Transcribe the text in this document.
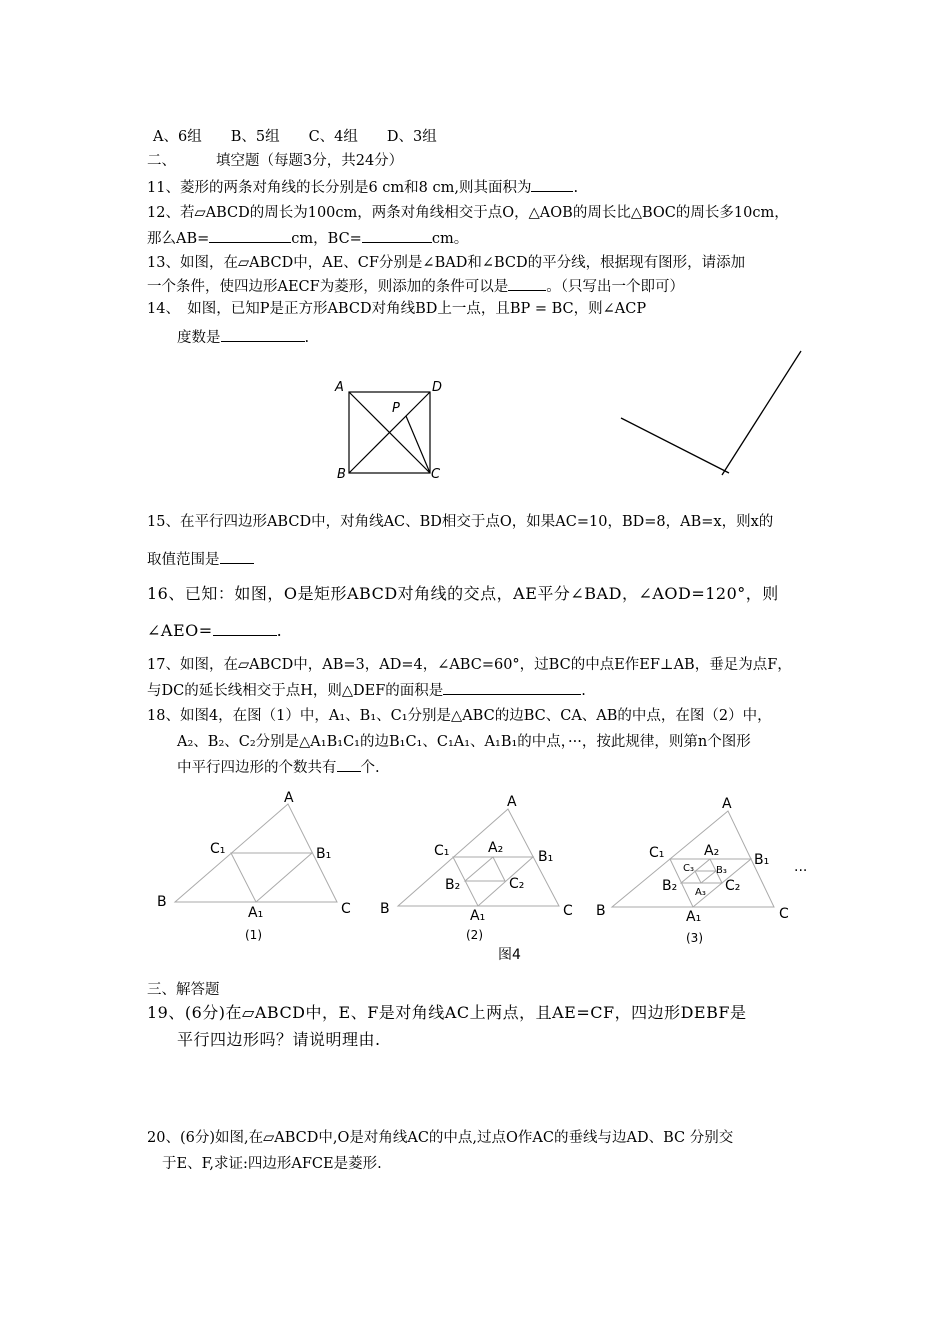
A、6组　　B、5组　　C、4组　　D、3组
二、	填空题（每题3分，共24分）
11、菱形的两条对角线的长分别是6 cm和8 cm,则其面积为	.
12、若▱ABCD的周长为100cm，两条对角线相交于点O，△AOB的周长比△BOC的周长多10cm，
那么AB=	cm，BC=	cm。
13、如图，在▱ABCD中，AE、CF分别是∠BAD和∠BCD的平分线，根据现有图形，请添加
一个条件，使四边形AECF为菱形，则添加的条件可以是	。（只写出一个即可）
14、　如图，已知P是正方形ABCD对角线BD上一点，且BP = BC，则∠ACP
度数是	.
A	D
B	C
P
15、在平行四边形ABCD中，对角线AC、BD相交于点O，如果AC=10，BD=8，AB=x，则x的
取值范围是
16、已知：如图，O是矩形ABCD对角线的交点，AE平分∠BAD，∠AOD=120°，则
∠AEO=	.
17、如图，在▱ABCD中，AB=3，AD=4，∠ABC=60°，过BC的中点E作EF⊥AB，垂足为点F，
与DC的延长线相交于点H，则△DEF的面积是	.
18、如图4，在图（1）中，A₁、B₁、C₁分别是△ABC的边BC、CA、AB的中点，在图（2）中，
A₂、B₂、C₂分别是△A₁B₁C₁的边B₁C₁、C₁A₁、A₁B₁的中点，···，按此规律，则第n个图形
中平行四边形的个数共有 个.
A
B	C
C₁	B₁
A₁
(1)
A
B	C
C₁	B₁
A₁
A₂
B₂	C₂
(2)
A
B	C
C₁	B₁
A₁
A₂
B₂	C₂
C₃ B₃
A₃
(3)
···
图4
三、解答题
19、(6分)在▱ABCD中，E、F是对角线AC上两点，且AE=CF，四边形DEBF是
平行四边形吗？请说明理由.
20、(6分)如图,在▱ABCD中,O是对角线AC的中点,过点O作AC的垂线与边AD、BC 分别交
于E、F,求证:四边形AFCE是菱形.
